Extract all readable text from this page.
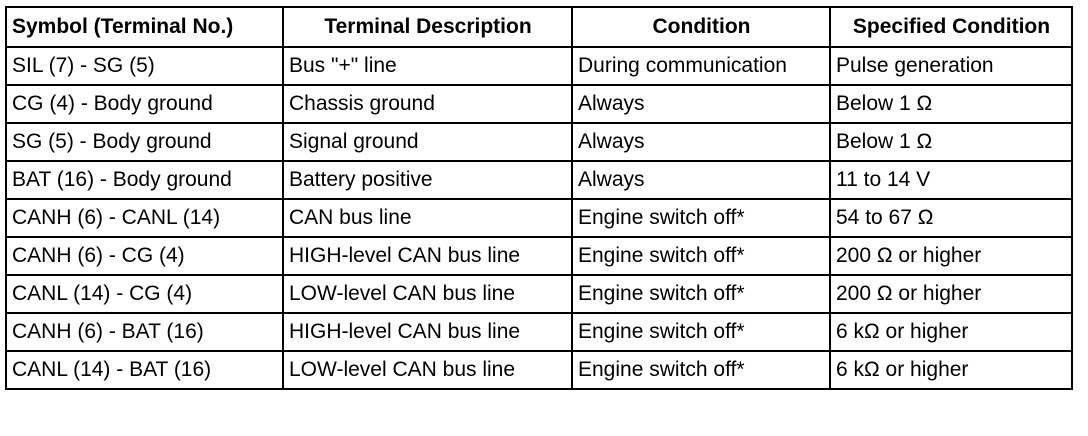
Symbol (Terminal No.)	Terminal Description	Condition	Specified Condition
SIL (7) - SG (5)	Bus "+" line	During communication	Pulse generation
CG (4) - Body ground	Chassis ground	Always	Below 1 Ω
SG (5) - Body ground	Signal ground	Always	Below 1 Ω
BAT (16) - Body ground	Battery positive	Always	11 to 14 V
CANH (6) - CANL (14)	CAN bus line	Engine switch off*	54 to 67 Ω
CANH (6) - CG (4)	HIGH-level CAN bus line	Engine switch off*	200 Ω or higher
CANL (14) - CG (4)	LOW-level CAN bus line	Engine switch off*	200 Ω or higher
CANH (6) - BAT (16)	HIGH-level CAN bus line	Engine switch off*	6 kΩ or higher
CANL (14) - BAT (16)	LOW-level CAN bus line	Engine switch off*	6 kΩ or higher
